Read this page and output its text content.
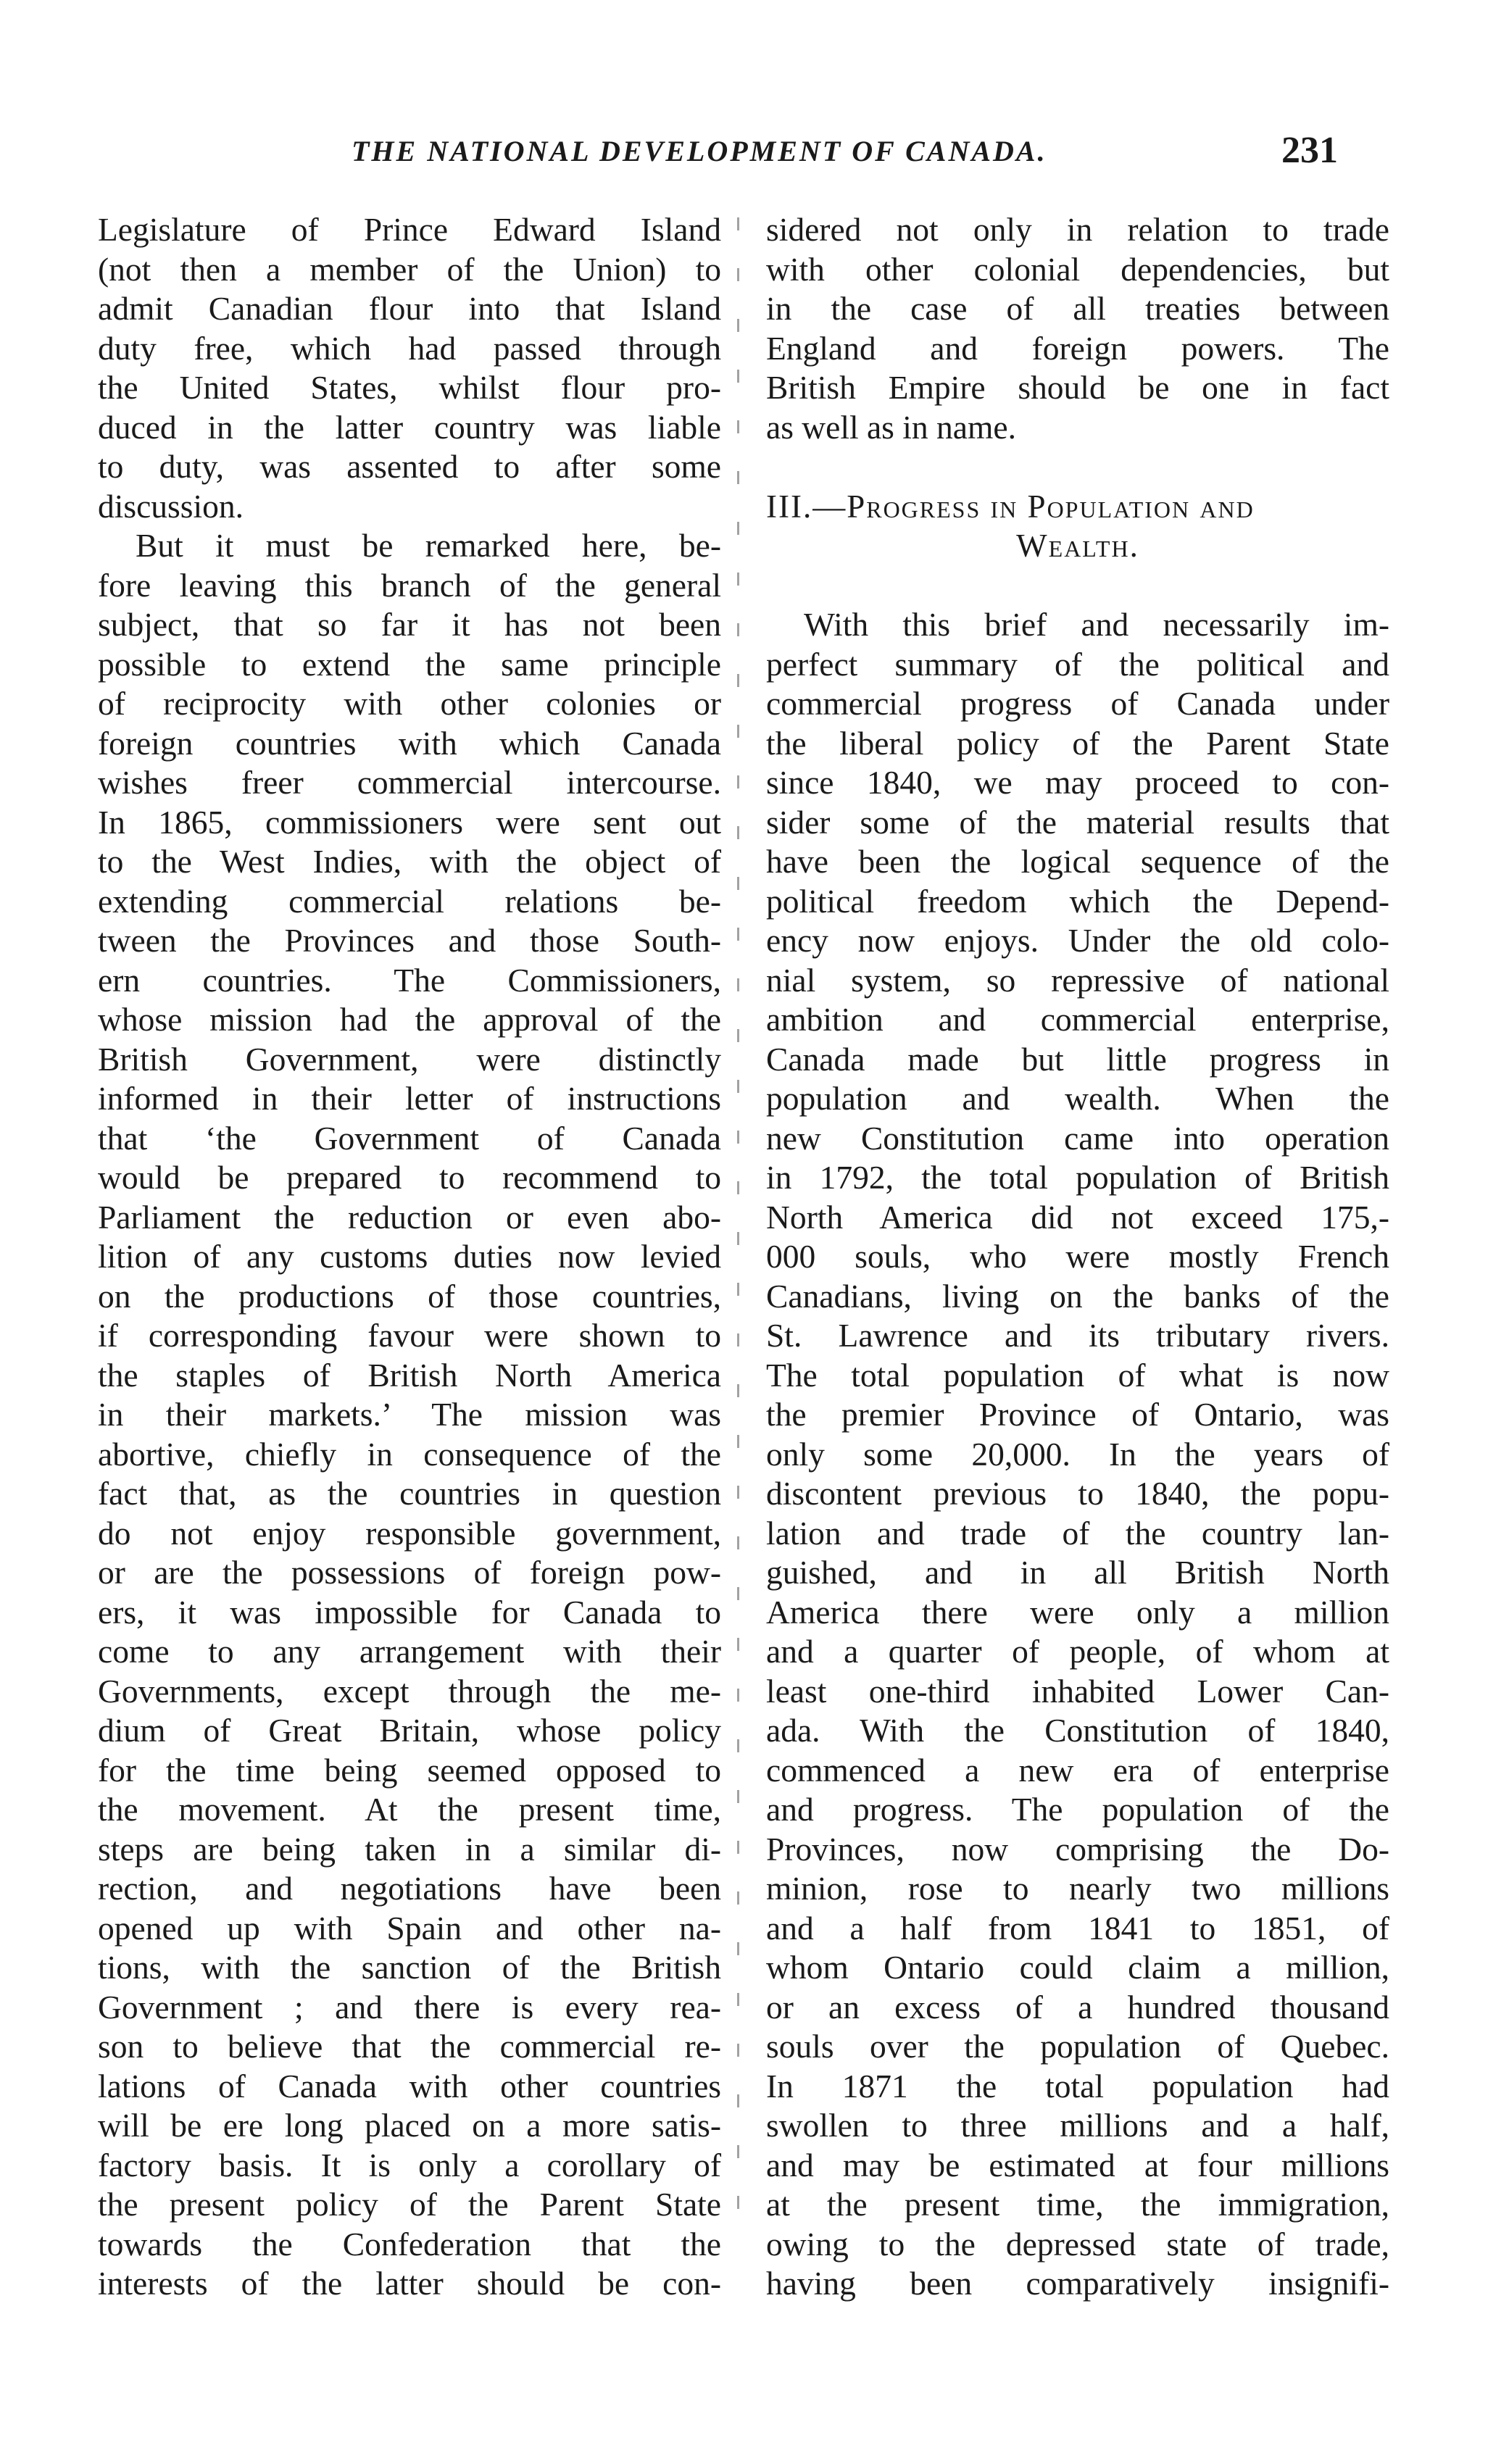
THE NATIONAL DEVELOPMENT OF CANADA.	231
Legislature of Prince Edward Island
(not then a member of the Union) to
admit Canadian flour into that Island
duty free, which had passed through
the United States, whilst flour pro-
duced in the latter country was liable
to duty, was assented to after some
discussion.
But it must be remarked here, be-
fore leaving this branch of the general
subject, that so far it has not been
possible to extend the same principle
of reciprocity with other colonies or
foreign countries with which Canada
wishes freer commercial intercourse.
In 1865, commissioners were sent out
to the West Indies, with the object of
extending commercial relations be-
tween the Provinces and those South-
ern countries. The Commissioners,
whose mission had the approval of the
British Government, were distinctly
informed in their letter of instructions
that ‘the Government of Canada
would be prepared to recommend to
Parliament the reduction or even abo-
lition of any customs duties now levied
on the productions of those countries,
if corresponding favour were shown to
the staples of British North America
in their markets.’ The mission was
abortive, chiefly in consequence of the
fact that, as the countries in question
do not enjoy responsible government,
or are the possessions of foreign pow-
ers, it was impossible for Canada to
come to any arrangement with their
Governments, except through the me-
dium of Great Britain, whose policy
for the time being seemed opposed to
the movement. At the present time,
steps are being taken in a similar di-
rection, and negotiations have been
opened up with Spain and other na-
tions, with the sanction of the British
Government ; and there is every rea-
son to believe that the commercial re-
lations of Canada with other countries
will be ere long placed on a more satis-
factory basis. It is only a corollary of
the present policy of the Parent State
towards the Confederation that the
interests of the latter should be con-
sidered not only in relation to trade
with other colonial dependencies, but
in the case of all treaties between
England and foreign powers. The
British Empire should be one in fact
as well as in name.
III.—Progress in Population and
Wealth.
With this brief and necessarily im-
perfect summary of the political and
commercial progress of Canada under
the liberal policy of the Parent State
since 1840, we may proceed to con-
sider some of the material results that
have been the logical sequence of the
political freedom which the Depend-
ency now enjoys. Under the old colo-
nial system, so repressive of national
ambition and commercial enterprise,
Canada made but little progress in
population and wealth. When the
new Constitution came into operation
in 1792, the total population of British
North America did not exceed 175,-
000 souls, who were mostly French
Canadians, living on the banks of the
St. Lawrence and its tributary rivers.
The total population of what is now
the premier Province of Ontario, was
only some 20,000. In the years of
discontent previous to 1840, the popu-
lation and trade of the country lan-
guished, and in all British North
America there were only a million
and a quarter of people, of whom at
least one-third inhabited Lower Can-
ada. With the Constitution of 1840,
commenced a new era of enterprise
and progress. The population of the
Provinces, now comprising the Do-
minion, rose to nearly two millions
and a half from 1841 to 1851, of
whom Ontario could claim a million,
or an excess of a hundred thousand
souls over the population of Quebec.
In 1871 the total population had
swollen to three millions and a half,
and may be estimated at four millions
at the present time, the immigration,
owing to the depressed state of trade,
having been comparatively insignifi-
